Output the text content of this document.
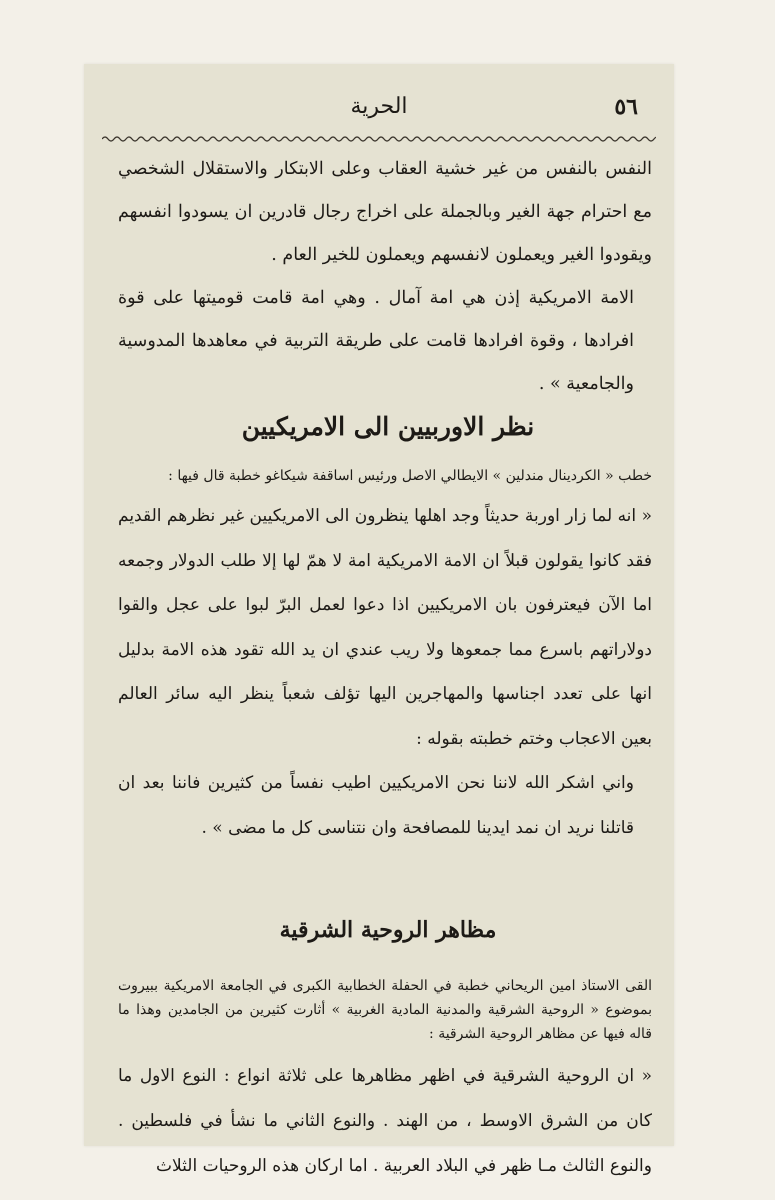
٥٦
الحرية

النفس بالنفس من غير خشية العقاب وعلى الابتكار والاستقلال الشخصي مع احترام جهة الغير وبالجملة على اخراج رجال قادرين ان يسودوا انفسهم ويقودوا الغير ويعملون لانفسهم ويعملون للخير العام .

الامة الامريكية إذن هي امة آمال . وهي امة قامت قوميتها على قوة افرادها ، وقوة افرادها قامت على طريقة التربية في معاهدها المدوسية والجامعية » .

نظر الاوربيين الى الامريكيين
خطب « الكردينال مندلين » الايطالي الاصل ورئيس اساقفة شيكاغو خطبة قال فيها :

« انه لما زار اوربة حديثاً وجد اهلها ينظرون الى الامريكيين غير نظرهم القديم فقد كانوا يقولون قبلاً ان الامة الامريكية امة لا همّ لها إلا طلب الدولار وجمعه اما الآن فيعترفون بان الامريكيين اذا دعوا لعمل البرّ لبوا على عجل والقوا دولاراتهم باسرع مما جمعوها ولا ريب عندي ان يد الله تقود هذه الامة بدليل انها على تعدد اجناسها والمهاجرين اليها تؤلف شعباً ينظر اليه سائر العالم بعين الاعجاب وختم خطبته بقوله :

واني اشكر الله لاننا نحن الامريكيين اطيب نفساً من كثيرين فاننا بعد ان قاتلنا نريد ان نمد ايدينا للمصافحة وان نتناسى كل ما مضى » .

مظاهر الروحية الشرقية
القى الاستاذ امين الريحاني خطبة في الحفلة الخطابية الكبرى في الجامعة الامريكية ببيروت بموضوع « الروحية الشرقية والمدنية المادية الغربية » أثارت كثيرين من الجامدين وهذا ما قاله فيها عن مظاهر الروحية الشرقية :

« ان الروحية الشرقية في اظهر مظاهرها على ثلاثة انواع : النوع الاول ما كان من الشرق الاوسط ، من الهند . والنوع الثاني ما نشأ في فلسطين . والنوع الثالث مـا ظهر في البلاد العربية . اما اركان هذه الروحيات الثلاث
